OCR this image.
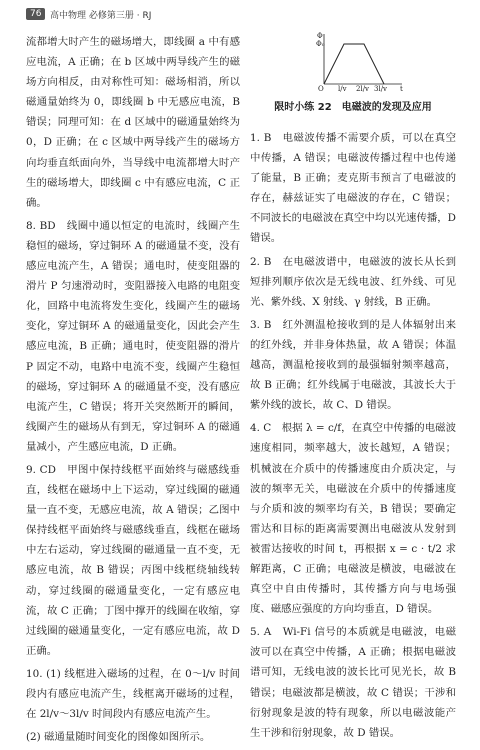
76 高中物理 必修第三册 · RJ

流都增大时产生的磁场增大，即线圈 a 中有感应电流，A 正确；在 b 区域中两导线产生的磁场方向相反，由对称性可知：磁场相消，所以磁通量始终为 0，即线圈 b 中无感应电流，B 错误；同理可知：在 d 区域中的磁通量始终为 0，D 正确；在 c 区域中两导线产生的磁场方向均垂直纸面向外，当导线中电流都增大时产生的磁场增大，即线圈 c 中有感应电流，C 正确。

8. BD　线圈中通以恒定的电流时，线圈产生稳恒的磁场，穿过铜环 A 的磁通量不变，没有感应电流产生，A 错误；通电时，使变阻器的滑片 P 匀速滑动时，变阻器接入电路的电阻变化，回路中电流将发生变化，线圈产生的磁场变化，穿过铜环 A 的磁通量变化，因此会产生感应电流，B 正确；通电时，使变阻器的滑片 P 固定不动，电路中电流不变，线圈产生稳恒的磁场，穿过铜环 A 的磁通量不变，没有感应电流产生，C 错误；将开关突然断开的瞬间，线圈产生的磁场从有到无，穿过铜环 A 的磁通量减小，产生感应电流，D 正确。

9. CD　甲图中保持线框平面始终与磁感线垂直，线框在磁场中上下运动，穿过线圈的磁通量一直不变，无感应电流，故 A 错误；乙图中保持线框平面始终与磁感线垂直，线框在磁场中左右运动，穿过线圈的磁通量一直不变，无感应电流，故 B 错误；丙图中线框绕轴线转动，穿过线圈的磁通量变化，一定有感应电流，故 C 正确；丁图中撑开的线圈在收缩，穿过线圈的磁通量变化，一定有感应电流，故 D 正确。

10. (1) 线框进入磁场的过程，在 0～l/v 时间段内有感应电流产生，线框离开磁场的过程，在 2l/v～3l/v 时间段内有感应电流产生。

(2) 磁通量随时间变化的图像如图所示。

Φ₀
Φ
t
O l/v 2l/v 3l/v
限时小练 22　电磁波的发现及应用

1. B　电磁波传播不需要介质，可以在真空中传播，A 错误；电磁波传播过程中也传递了能量，B 正确；麦克斯韦预言了电磁波的存在，赫兹证实了电磁波的存在，C 错误；不同波长的电磁波在真空中均以光速传播，D 错误。

2. B　在电磁波谱中，电磁波的波长从长到短排列顺序依次是无线电波、红外线、可见光、紫外线、X 射线、γ 射线，B 正确。

3. B　红外测温枪接收到的是人体辐射出来的红外线，并非身体热量，故 A 错误；体温越高，测温枪接收到的最强辐射频率越高，故 B 正确；红外线属于电磁波，其波长大于紫外线的波长，故 C、D 错误。

4. C　根据 λ = c/f，在真空中传播的电磁波速度相同，频率越大，波长越短，A 错误；机械波在介质中的传播速度由介质决定，与波的频率无关，电磁波在介质中的传播速度与介质和波的频率均有关，B 错误；要确定雷达和目标的距离需要测出电磁波从发射到被雷达接收的时间 t，再根据 x = c · t/2 求解距离，C 正确；电磁波是横波，电磁波在真空中自由传播时，其传播方向与电场强度、磁感应强度的方向均垂直，D 错误。

5. A　Wi-Fi 信号的本质就是电磁波，电磁波可以在真空中传播，A 正确；根据电磁波谱可知，无线电波的波长比可见光长，故 B 错误；电磁波都是横波，故 C 错误；干涉和衍射现象是波的特有现象，所以电磁波能产生干涉和衍射现象，故 D 错误。
